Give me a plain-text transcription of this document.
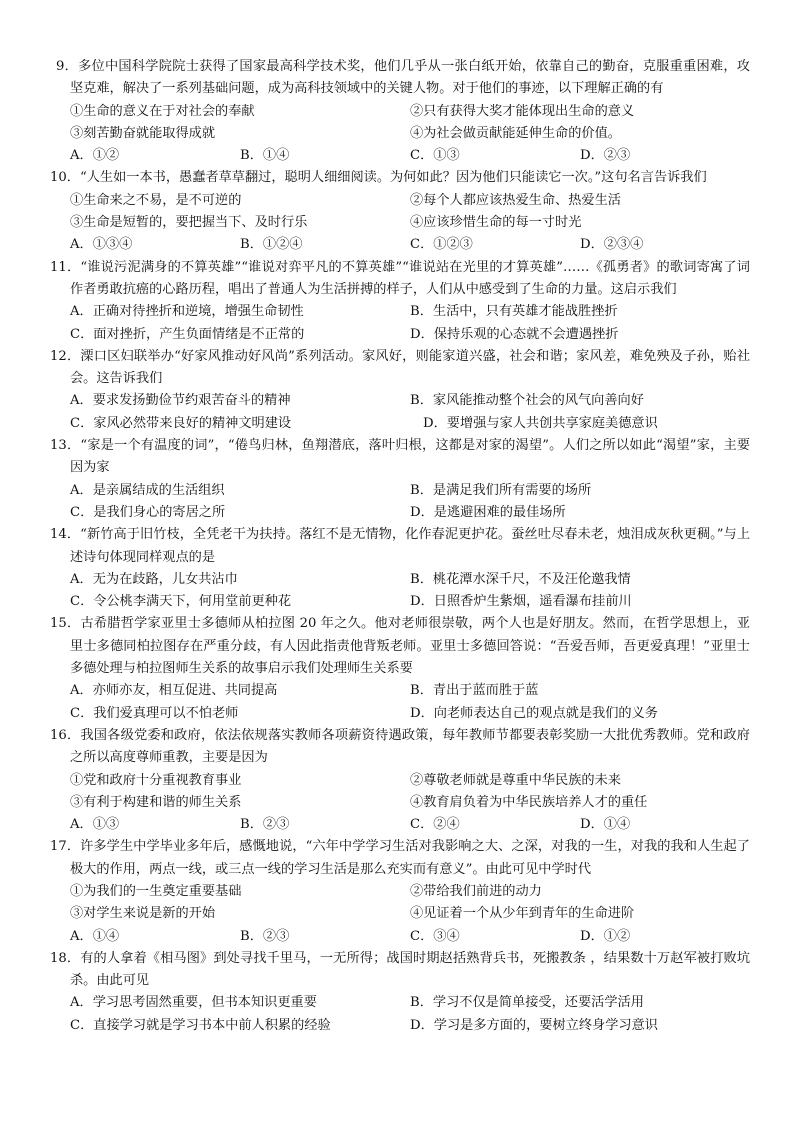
9．多位中国科学院院士获得了国家最高科学技术奖，他们几乎从一张白纸开始，依靠自己的勤奋，克服重重困难，攻坚克难，解决了一系列基础问题，成为高科技领域中的关键人物。对于他们的事迹，以下理解正确的有
①生命的意义在于对社会的奉献	②只有获得大奖才能体现出生命的意义
③刻苦勤奋就能取得成就	④为社会做贡献能延伸生命的价值。
A．①②	B．①④	C．①③	D．②③
10．“人生如一本书，愚蠢者草草翻过，聪明人细细阅读。为何如此？因为他们只能读它一次。”这句名言告诉我们
①生命来之不易，是不可逆的	②每个人都应该热爱生命、热爱生活
③生命是短暂的，要把握当下、及时行乐	④应该珍惜生命的每一寸时光
A．①③④	B．①②④	C．①②③	D．②③④
11．“谁说污泥满身的不算英雄”“谁说对弈平凡的不算英雄”“谁说站在光里的才算英雄”……《孤勇者》的歌词寄寓了词作者勇敢抗癌的心路历程，唱出了普通人为生活拼搏的样子，人们从中感受到了生命的力量。这启示我们
A．正确对待挫折和逆境，增强生命韧性	B．生活中，只有英雄才能战胜挫折
C．面对挫折，产生负面情绪是不正常的	D．保持乐观的心态就不会遭遇挫折
12．溧口区妇联举办“好家风推动好风尚”系列活动。家风好，则能家道兴盛，社会和谐；家风差，难免殃及子孙，贻社会。这告诉我们
A．要求发扬勤俭节约艰苦奋斗的精神	B．家风能推动整个社会的风气向善向好
C．家风必然带来良好的精神文明建设	D．要增强与家人共创共享家庭美德意识
13．“家是一个有温度的词”，“倦鸟归林，鱼翔潜底，落叶归根，这都是对家的渴望”。人们之所以如此“渴望”家，主要因为家
A．是亲属结成的生活组织	B．是满足我们所有需要的场所
C．是我们身心的寄居之所	D．是逃避困难的最佳场所
14．“新竹高于旧竹枝，全凭老干为扶持。落红不是无情物，化作春泥更护花。蚕丝吐尽春未老，烛泪成灰秋更稠。”与上述诗句体现同样观点的是
A．无为在歧路，儿女共沾巾	B．桃花潭水深千尺，不及汪伦邀我情
C．令公桃李满天下，何用堂前更种花	D．日照香炉生紫烟，遥看瀑布挂前川
15．古希腊哲学家亚里士多德师从柏拉图 20 年之久。他对老师很崇敬，两个人也是好朋友。然而，在哲学思想上，亚里士多德同柏拉图存在严重分歧，有人因此指责他背叛老师。亚里士多德回答说：“吾爱吾师，吾更爱真理！”亚里士多德处理与柏拉图师生关系的故事启示我们处理师生关系要
A．亦师亦友，相互促进、共同提高	B．青出于蓝而胜于蓝
C．我们爱真理可以不怕老师	D．向老师表达自己的观点就是我们的义务
16．我国各级党委和政府，依法依规落实教师各项薪资待遇政策，每年教师节都要表彰奖励一大批优秀教师。党和政府之所以高度尊师重教，主要是因为
①党和政府十分重视教育事业	②尊敬老师就是尊重中华民族的未来
③有利于构建和谐的师生关系	④教育肩负着为中华民族培养人才的重任
A．①③	B．②③	C．②④	D．①④
17．许多学生中学毕业多年后，感慨地说，“六年中学学习生活对我影响之大、之深，对我的一生，对我的我和人生起了极大的作用，两点一线，或三点一线的学习生活是那么充实而有意义”。由此可见中学时代
①为我们的一生奠定重要基础	②带给我们前进的动力
③对学生来说是新的开始	④见证着一个从少年到青年的生命进阶
A．①④	B．②③	C．③④	D．①②
18．有的人拿着《相马图》到处寻找千里马，一无所得；战国时期赵括熟背兵书，死搬教条 ，结果数十万赵军被打败坑杀。由此可见
A．学习思考固然重要，但书本知识更重要	B．学习不仅是简单接受，还要活学活用
C．直接学习就是学习书本中前人积累的经验	D．学习是多方面的，要树立终身学习意识
